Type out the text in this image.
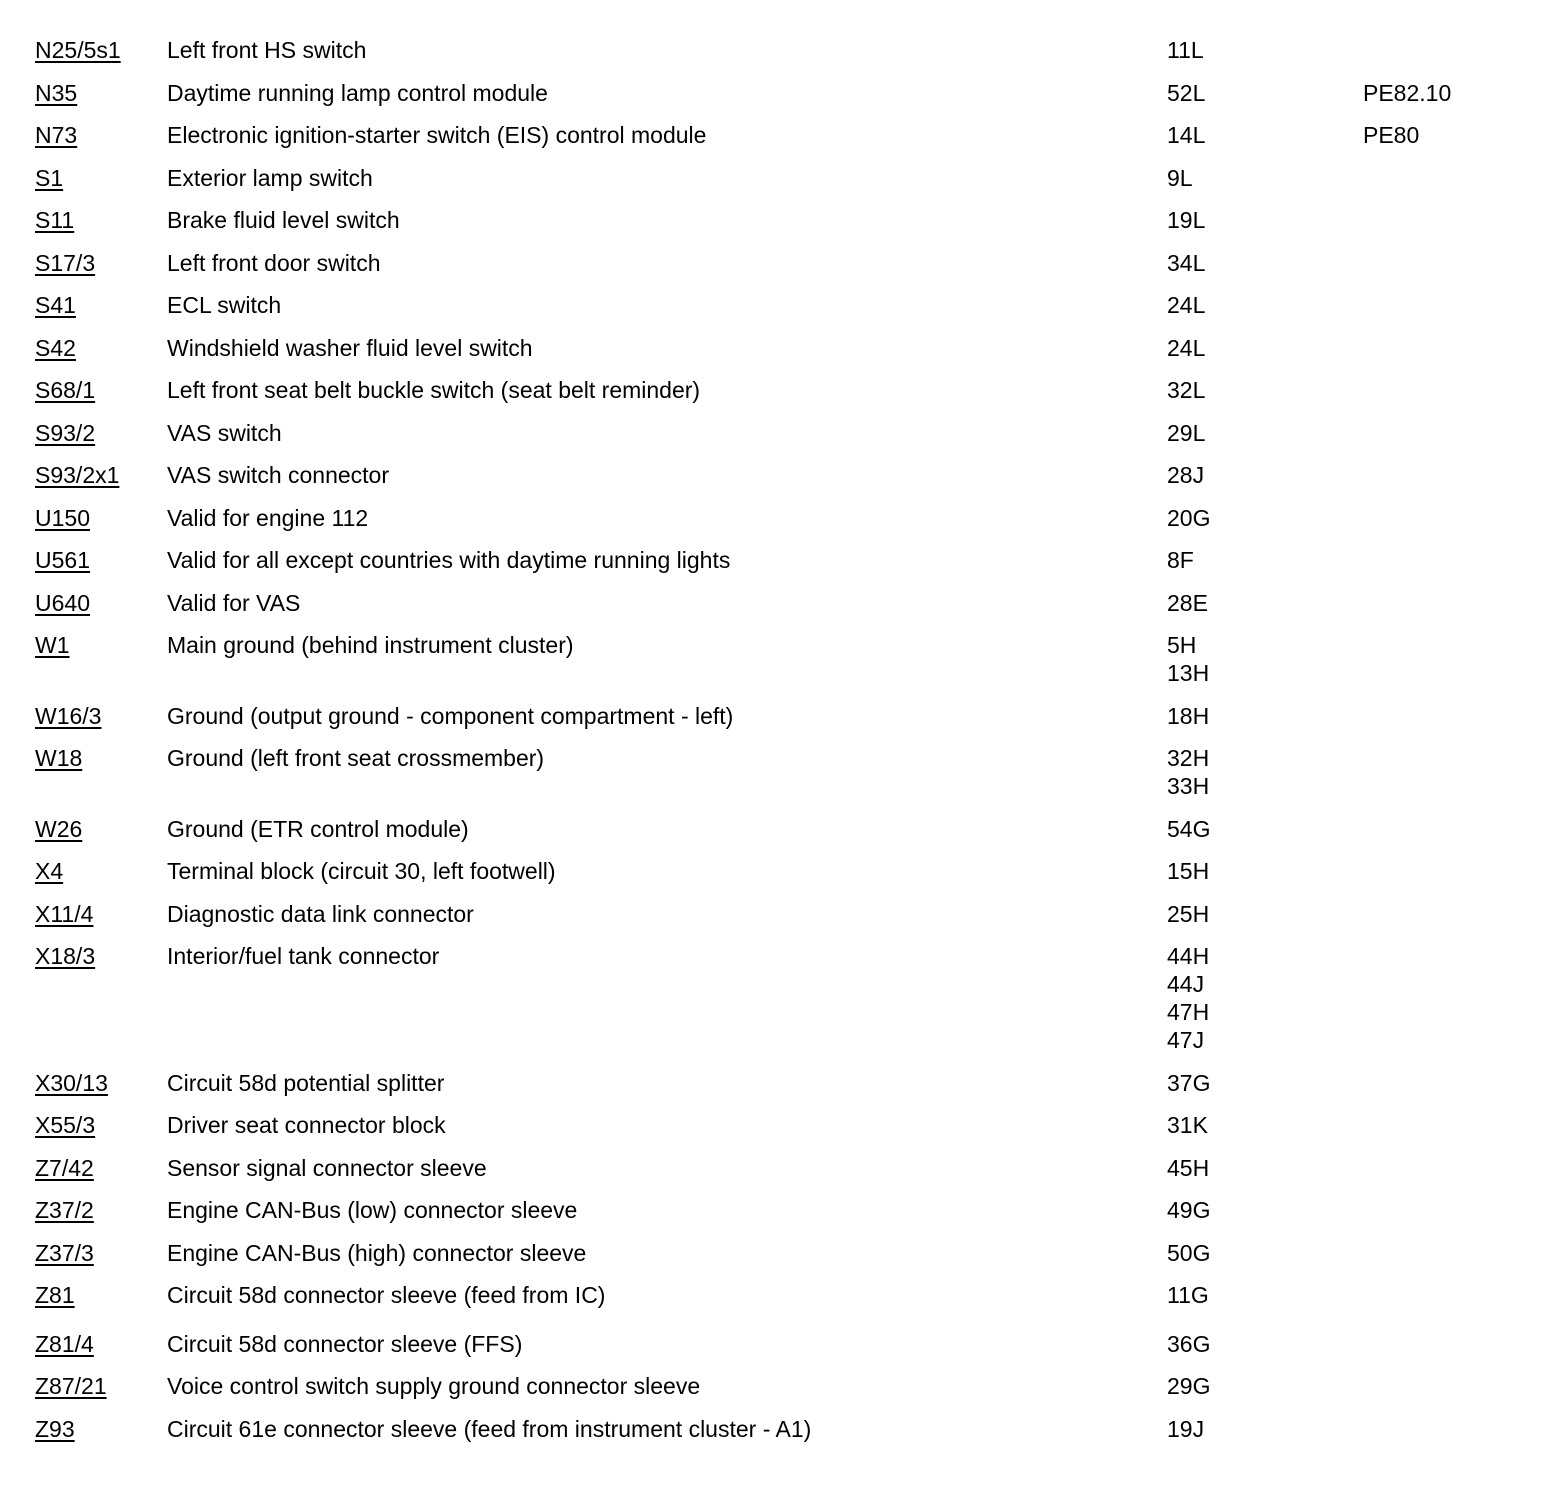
N25/5s1 Left front HS switch	11L
N35	Daytime running lamp control module	52L	PE82.10
N73	Electronic ignition-starter switch (EIS) control module	14L	PE80
S1	Exterior lamp switch	9L
S11	Brake fluid level switch	19L
S17/3	Left front door switch	34L
S41	ECL switch	24L
S42	Windshield washer fluid level switch	24L
S68/1	Left front seat belt buckle switch (seat belt reminder)	32L
S93/2	VAS switch	29L
S93/2x1 VAS switch connector	28J
U150	Valid for engine 112	20G
U561	Valid for all except countries with daytime running lights	8F
U640	Valid for VAS	28E
W1	Main ground (behind instrument cluster)	5H
13H
W16/3	Ground (output ground - component compartment - left)	18H
W18	Ground (left front seat crossmember)	32H
33H
W26	Ground (ETR control module)	54G
X4	Terminal block (circuit 30, left footwell)	15H
X11/4	Diagnostic data link connector	25H
X18/3	Interior/fuel tank connector	44H
44J
47H
47J
X30/13	Circuit 58d potential splitter	37G
X55/3	Driver seat connector block	31K
Z7/42	Sensor signal connector sleeve	45H
Z37/2	Engine CAN-Bus (low) connector sleeve	49G
Z37/3	Engine CAN-Bus (high) connector sleeve	50G
Z81	Circuit 58d connector sleeve (feed from IC)	11G
Z81/4	Circuit 58d connector sleeve (FFS)	36G
Z87/21	Voice control switch supply ground connector sleeve	29G
Z93	Circuit 61e connector sleeve (feed from instrument cluster - A1)	19J
